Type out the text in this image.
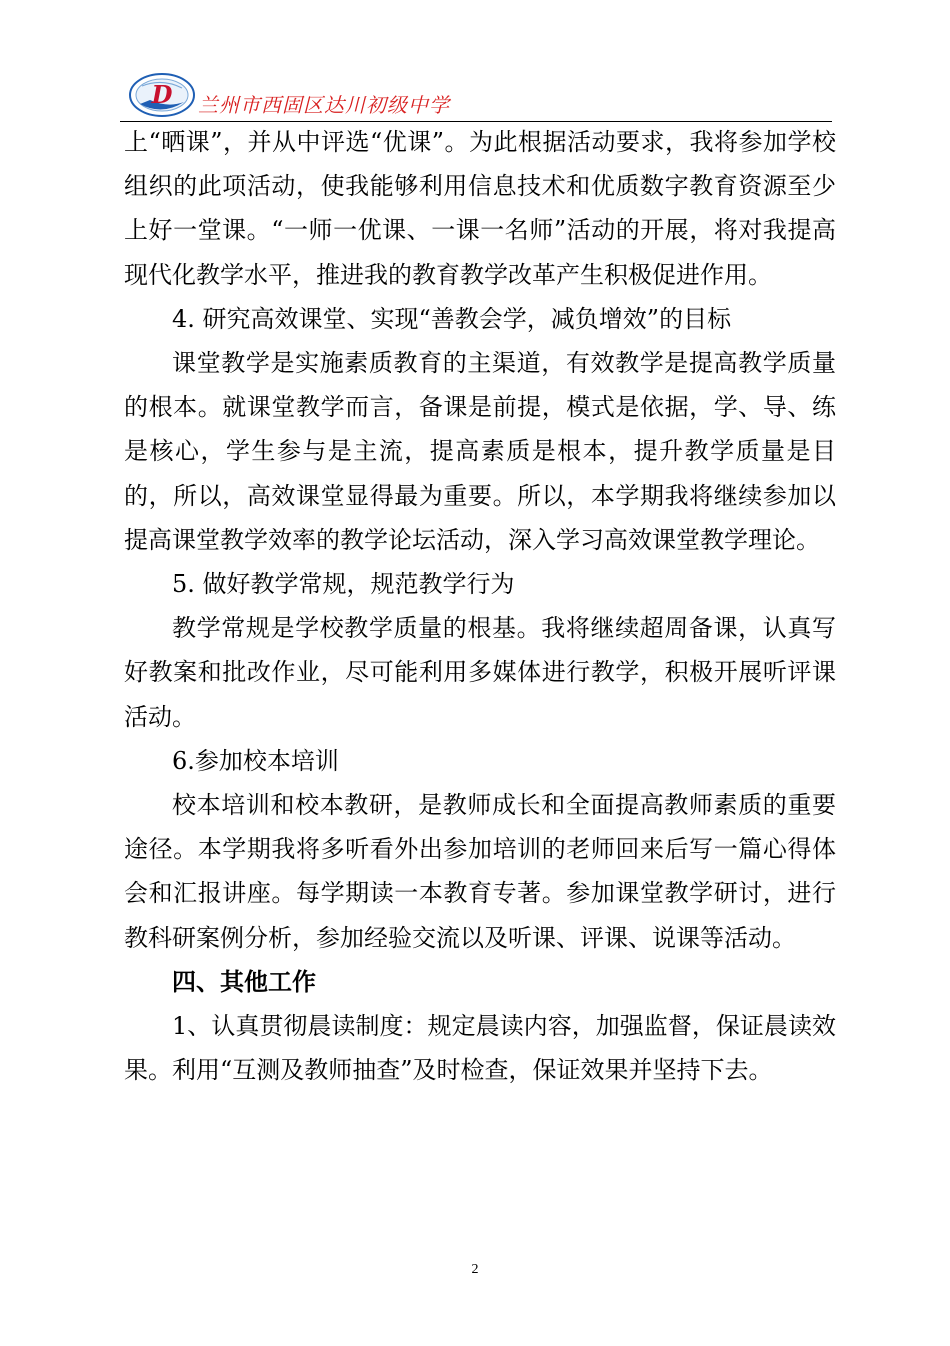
D 兰州市西固区达川初级中学

上“晒课”，并从中评选“优课”。为此根据活动要求，我将参加学校组织的此项活动，使我能够利用信息技术和优质数字教育资源至少上好一堂课。“一师一优课、一课一名师”活动的开展，将对我提高现代化教学水平，推进我的教育教学改革产生积极促进作用。

4. 研究高效课堂、实现“善教会学，减负增效”的目标

课堂教学是实施素质教育的主渠道，有效教学是提高教学质量的根本。就课堂教学而言，备课是前提，模式是依据，学、导、练是核心，学生参与是主流，提高素质是根本，提升教学质量是目的，所以，高效课堂显得最为重要。所以，本学期我将继续参加以提高课堂教学效率的教学论坛活动，深入学习高效课堂教学理论。

5. 做好教学常规，规范教学行为

教学常规是学校教学质量的根基。我将继续超周备课，认真写好教案和批改作业，尽可能利用多媒体进行教学，积极开展听评课活动。

6.参加校本培训

校本培训和校本教研，是教师成长和全面提高教师素质的重要途径。本学期我将多听看外出参加培训的老师回来后写一篇心得体会和汇报讲座。每学期读一本教育专著。参加课堂教学研讨，进行教科研案例分析，参加经验交流以及听课、评课、说课等活动。

四、其他工作

1、认真贯彻晨读制度：规定晨读内容，加强监督，保证晨读效果。利用“互测及教师抽查”及时检查，保证效果并坚持下去。

2
